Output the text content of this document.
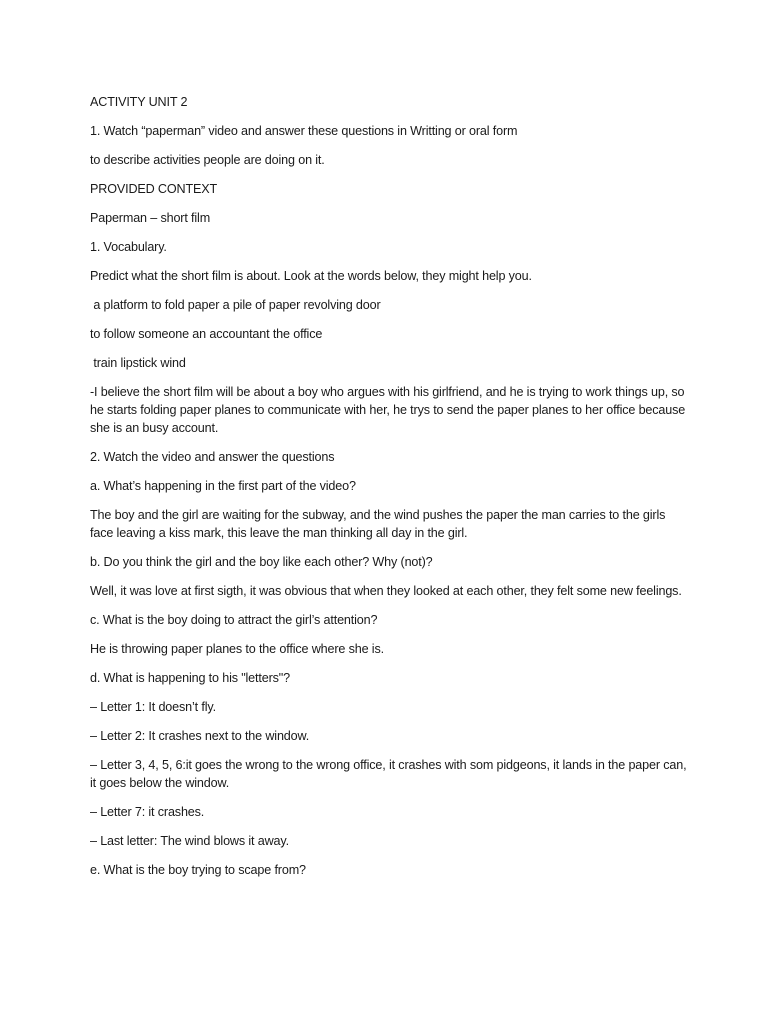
ACTIVITY UNIT 2

1. Watch “paperman” video and answer these questions in Writting or oral form

to describe activities people are doing on it.

PROVIDED CONTEXT

Paperman – short film

1. Vocabulary.

Predict what the short film is about. Look at the words below, they might help you.

a platform to fold paper a pile of paper revolving door

to follow someone an accountant the office

train lipstick wind

-I believe the short film will be about a boy who argues with his girlfriend, and he is trying to work things up, so he starts folding paper planes to communicate with her, he trys to send the paper planes to her office because she is an busy account.

2. Watch the video and answer the questions

a. What’s happening in the first part of the video?

The boy and the girl are waiting for the subway, and the wind pushes the paper the man carries to the girls face leaving a kiss mark, this leave the man thinking all day in the girl.

b. Do you think the girl and the boy like each other? Why (not)?

Well, it was love at first sigth, it was obvious that when they looked at each other, they felt some new feelings.

c. What is the boy doing to attract the girl’s attention?

He is throwing paper planes to the office where she is.

d. What is happening to his "letters"?

– Letter 1: It doesn’t fly.

– Letter 2: It crashes next to the window.

– Letter 3, 4, 5, 6:it goes the wrong to the wrong office, it crashes with som pidgeons, it lands in the paper can, it goes below the window.

– Letter 7: it crashes.

– Last letter: The wind blows it away.

e. What is the boy trying to scape from?
